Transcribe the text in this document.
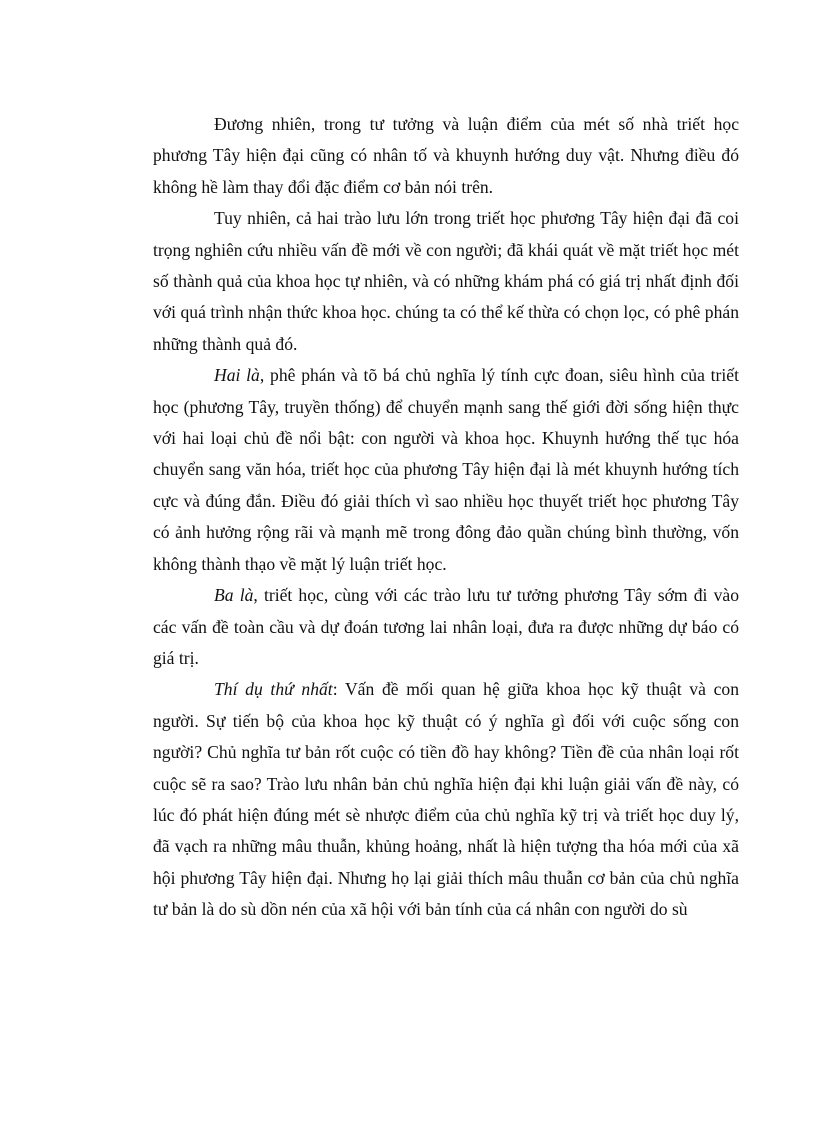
Đương nhiên, trong tư tưởng và luận điểm của mét số nhà triết học phương Tây hiện đại cũng có nhân tố và khuynh hướng duy vật. Nhưng điều đó không hề làm thay đổi đặc điểm cơ bản nói trên.

Tuy nhiên, cả hai trào lưu lớn trong triết học phương Tây hiện đại đã coi trọng nghiên cứu nhiều vấn đề mới về con người; đã khái quát về mặt triết học mét số thành quả của khoa học tự nhiên, và có những khám phá có giá trị nhất định đối với quá trình nhận thức khoa học. chúng ta có thể kế thừa có chọn lọc, có phê phán những thành quả đó.

Hai là, phê phán và tõ bá chủ nghĩa lý tính cực đoan, siêu hình của triết học (phương Tây, truyền thống) để chuyển mạnh sang thế giới đời sống hiện thực với hai loại chủ đề nổi bật: con người và khoa học. Khuynh hướng thế tục hóa chuyển sang văn hóa, triết học của phương Tây hiện đại là mét khuynh hướng tích cực và đúng đắn. Điều đó giải thích vì sao nhiều học thuyết triết học phương Tây có ảnh hưởng rộng rãi và mạnh mẽ trong đông đảo quần chúng bình thường, vốn không thành thạo về mặt lý luận triết học.

Ba là, triết học, cùng với các trào lưu tư tưởng phương Tây sớm đi vào các vấn đề toàn cầu và dự đoán tương lai nhân loại, đưa ra được những dự báo có giá trị.

Thí dụ thứ nhất: Vấn đề mối quan hệ giữa khoa học kỹ thuật và con người. Sự tiến bộ của khoa học kỹ thuật có ý nghĩa gì đối với cuộc sống con người? Chủ nghĩa tư bản rốt cuộc có tiền đồ hay không? Tiền đề của nhân loại rốt cuộc sẽ ra sao? Trào lưu nhân bản chủ nghĩa hiện đại khi luận giải vấn đề này, có lúc đó phát hiện đúng mét sè nhược điểm của chủ nghĩa kỹ trị và triết học duy lý, đã vạch ra những mâu thuẫn, khủng hoảng, nhất là hiện tượng tha hóa mới của xã hội phương Tây hiện đại. Nhưng họ lại giải thích mâu thuẫn cơ bản của chủ nghĩa tư bản là do sù dồn nén của xã hội với bản tính của cá nhân con người do sù
